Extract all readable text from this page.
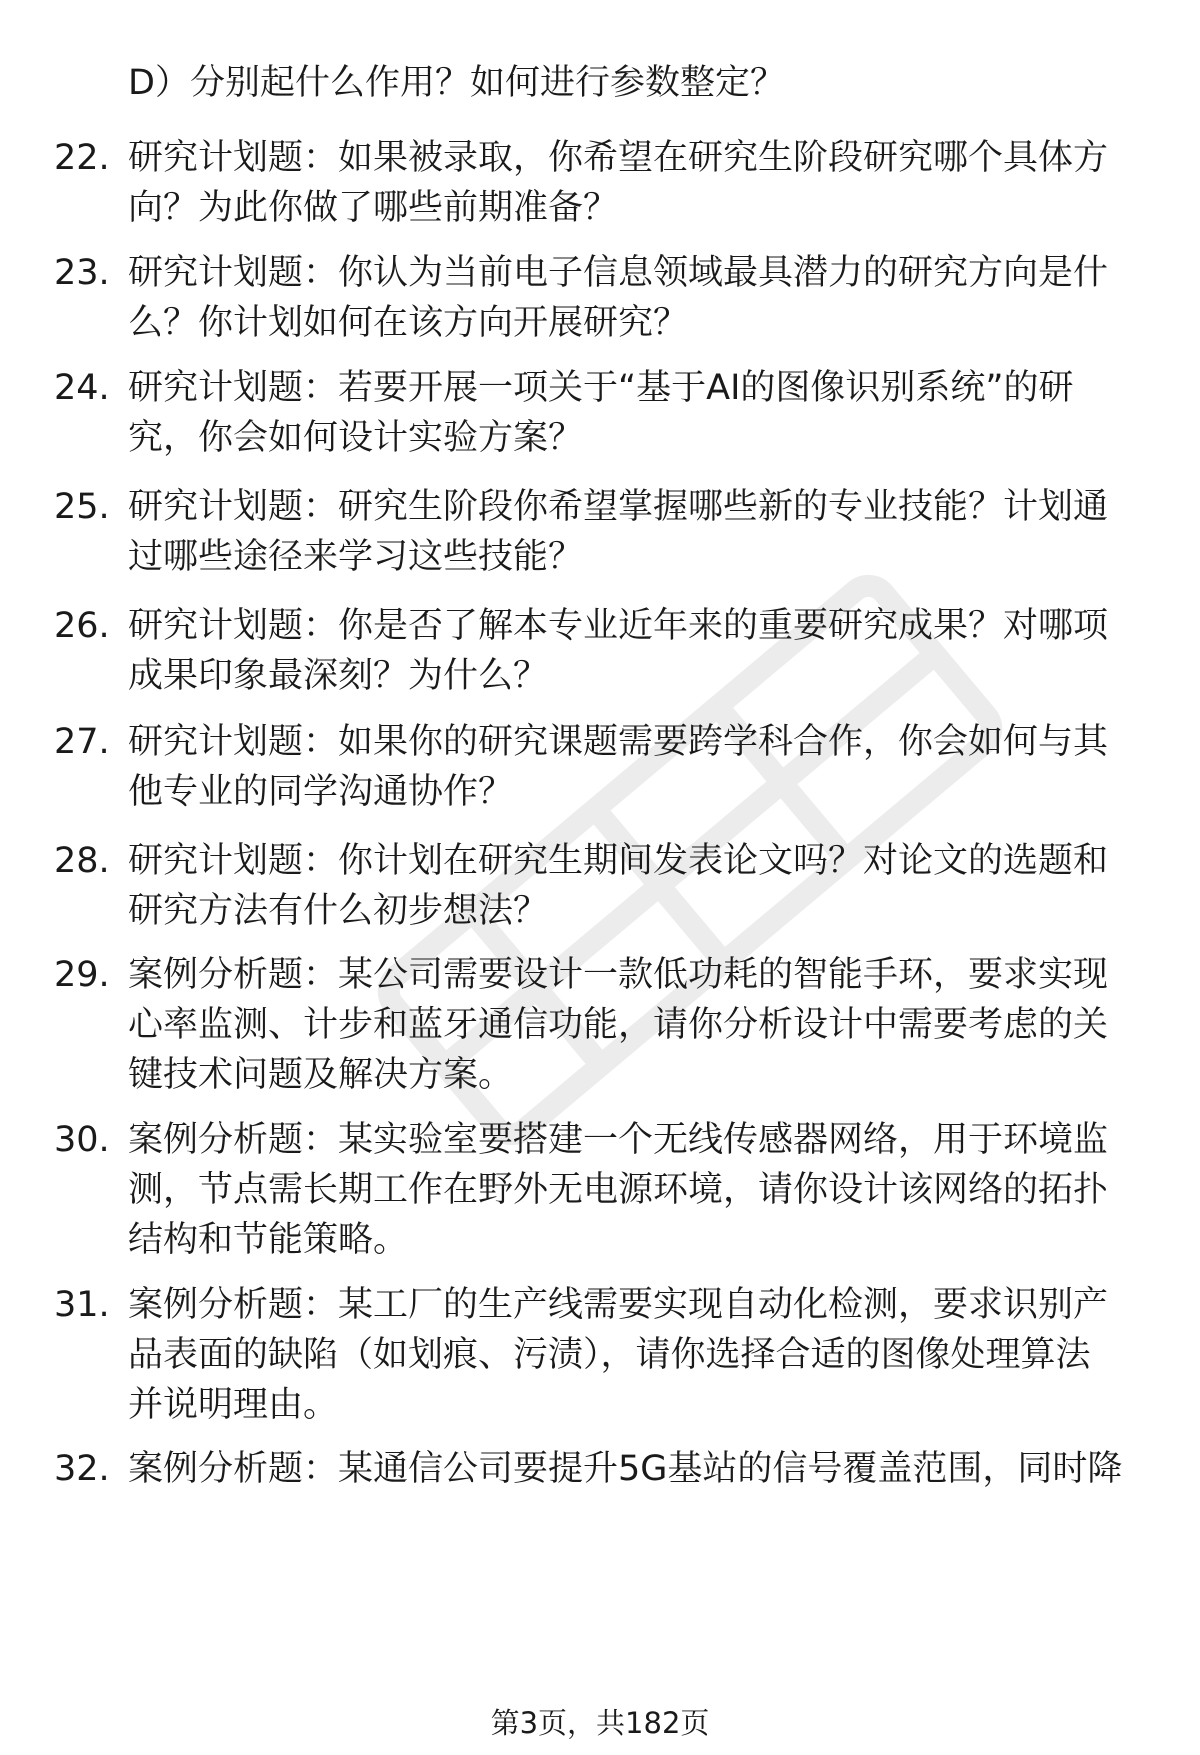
D）分别起什么作用？如何进行参数整定？
22. 研究计划题：如果被录取，你希望在研究生阶段研究哪个具体方
向？为此你做了哪些前期准备？
23. 研究计划题：你认为当前电子信息领域最具潜力的研究方向是什
么？你计划如何在该方向开展研究？
24. 研究计划题：若要开展一项关于“基于AI的图像识别系统”的研
究，你会如何设计实验方案？
25. 研究计划题：研究生阶段你希望掌握哪些新的专业技能？计划通
过哪些途径来学习这些技能？
26. 研究计划题：你是否了解本专业近年来的重要研究成果？对哪项
成果印象最深刻？为什么？
27. 研究计划题：如果你的研究课题需要跨学科合作，你会如何与其
他专业的同学沟通协作？
28. 研究计划题：你计划在研究生期间发表论文吗？对论文的选题和
研究方法有什么初步想法？
29. 案例分析题：某公司需要设计一款低功耗的智能手环，要求实现
心率监测、计步和蓝牙通信功能，请你分析设计中需要考虑的关
键技术问题及解决方案。
30. 案例分析题：某实验室要搭建一个无线传感器网络，用于环境监
测，节点需长期工作在野外无电源环境，请你设计该网络的拓扑
结构和节能策略。
31. 案例分析题：某工厂的生产线需要实现自动化检测，要求识别产
品表面的缺陷（如划痕、污渍），请你选择合适的图像处理算法
并说明理由。
32. 案例分析题：某通信公司要提升5G基站的信号覆盖范围，同时降
第3页，共182页
